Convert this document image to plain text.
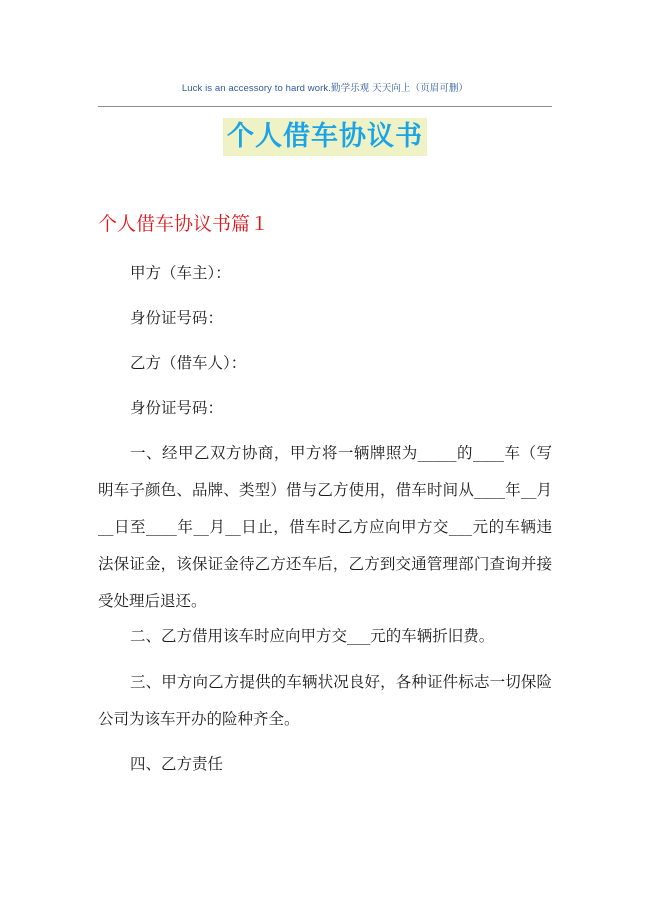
Luck is an accessory to hard work.勤学乐观 天天向上（页眉可删）
个人借车协议书
个人借车协议书篇１

甲方（车主）：

身份证号码：

乙方（借车人）：

身份证号码：

一、经甲乙双方协商，甲方将一辆牌照为_____的____车（写明车子颜色、品牌、类型）借与乙方使用，借车时间从____年__月__日至____年__月__日止，借车时乙方应向甲方交___元的车辆违法保证金，该保证金待乙方还车后，乙方到交通管理部门查询并接受处理后退还。

二、乙方借用该车时应向甲方交___元的车辆折旧费。

三、甲方向乙方提供的车辆状况良好，各种证件标志一切保险公司为该车开办的险种齐全。

四、乙方责任
